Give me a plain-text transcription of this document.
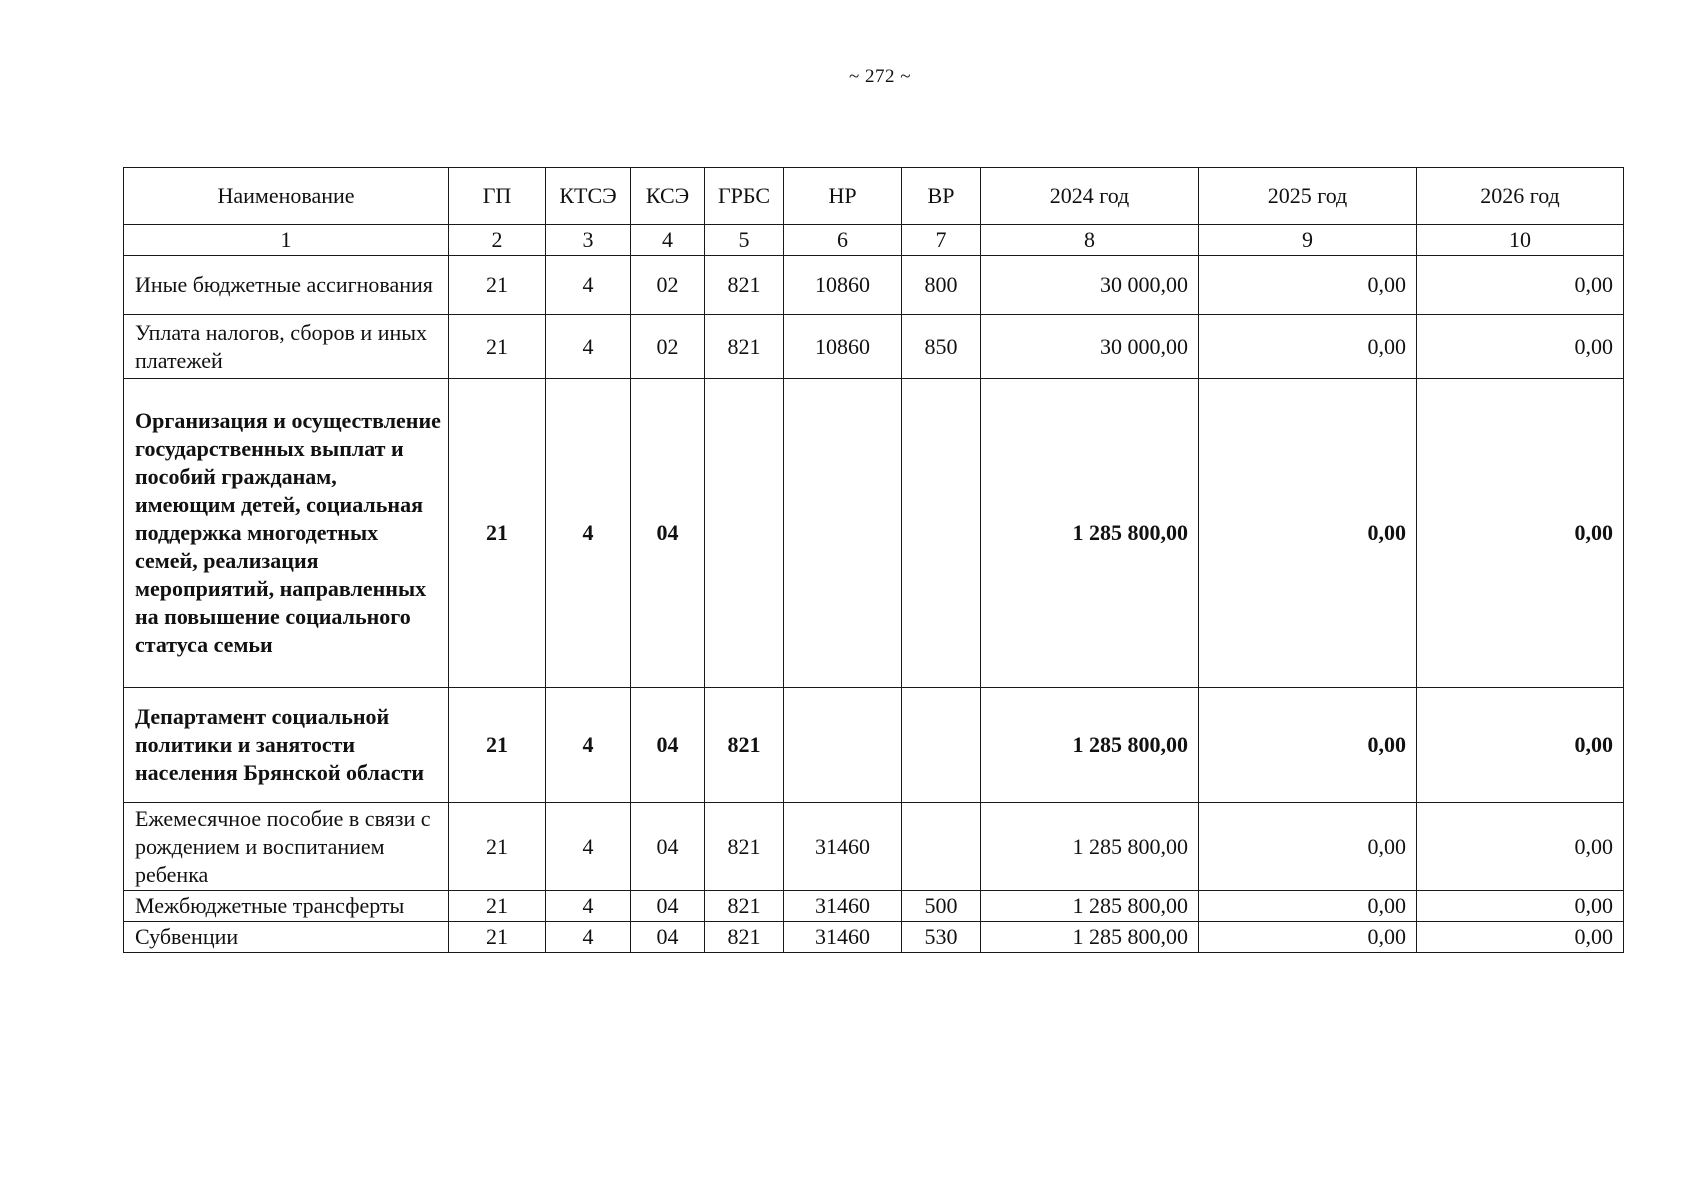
~ 272 ~
Наименование	ГП	КТСЭ	КСЭ	ГРБС	НР	ВР	2024 год	2025 год	2026 год
1	2	3	4	5	6	7	8	9	10
Иные бюджетные ассигнования	21	4	02	821	10860	800	30 000,00	0,00	0,00
Уплата налогов, сборов и иных платежей	21	4	02	821	10860	850	30 000,00	0,00	0,00
Организация и осуществление государственных выплат и пособий гражданам, имеющим детей, социальная поддержка многодетных семей, реализация мероприятий, направленных на повышение социального статуса семьи	21	4	04				1 285 800,00	0,00	0,00
Департамент социальной политики и занятости населения Брянской области	21	4	04	821			1 285 800,00	0,00	0,00
Ежемесячное пособие в связи с рождением и воспитанием ребенка	21	4	04	821	31460		1 285 800,00	0,00	0,00
Межбюджетные трансферты	21	4	04	821	31460	500	1 285 800,00	0,00	0,00
Субвенции	21	4	04	821	31460	530	1 285 800,00	0,00	0,00
